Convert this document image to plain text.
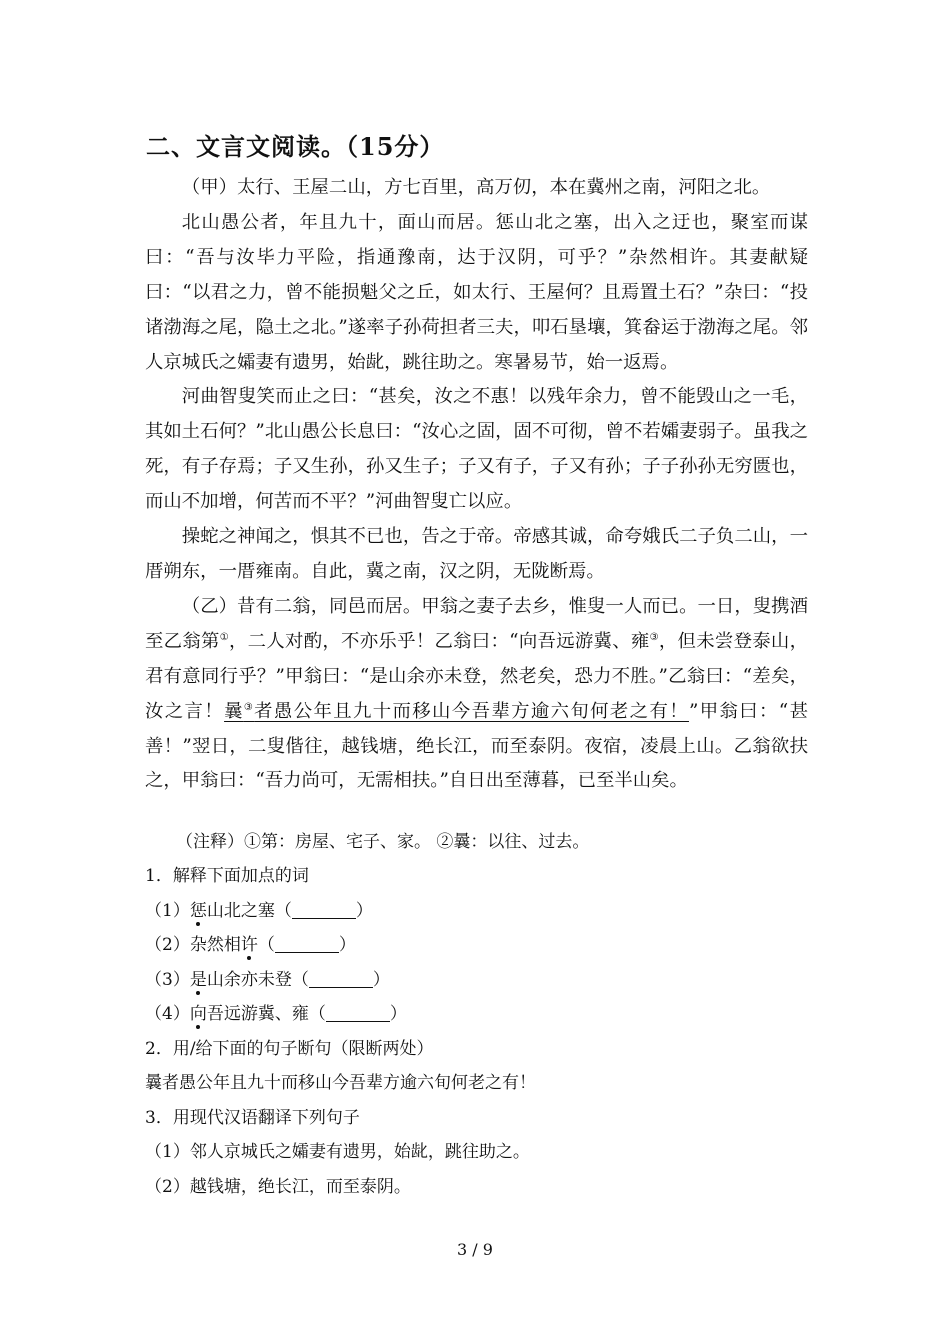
二、文言文阅读。（15分）

（甲）太行、王屋二山，方七百里，高万仞，本在冀州之南，河阳之北。

北山愚公者，年且九十，面山而居。惩山北之塞，出入之迂也，聚室而谋曰：“吾与汝毕力平险，指通豫南，达于汉阴，可乎？”杂然相许。其妻献疑曰：“以君之力，曾不能损魁父之丘，如太行、王屋何？且焉置土石？”杂曰：“投诸渤海之尾，隐土之北。”遂率子孙荷担者三夫，叩石垦壤，箕畚运于渤海之尾。邻人京城氏之孀妻有遗男，始龀，跳往助之。寒暑易节，始一返焉。

河曲智叟笑而止之曰：“甚矣，汝之不惠！以残年余力，曾不能毁山之一毛，其如土石何？”北山愚公长息曰：“汝心之固，固不可彻，曾不若孀妻弱子。虽我之死，有子存焉；子又生孙，孙又生子；子又有子，子又有孙；子子孙孙无穷匮也，而山不加增，何苦而不平？”河曲智叟亡以应。

操蛇之神闻之，惧其不已也，告之于帝。帝感其诚，命夸娥氏二子负二山，一厝朔东，一厝雍南。自此，冀之南，汉之阴，无陇断焉。

（乙）昔有二翁，同邑而居。甲翁之妻子去乡，惟叟一人而已。一日，叟携酒至乙翁第①，二人对酌，不亦乐乎！乙翁曰：“向吾远游冀、雍③，但未尝登泰山，君有意同行乎？”甲翁曰：“是山余亦未登，然老矣，恐力不胜。”乙翁曰：“差矣，汝之言！曩③者愚公年且九十而移山今吾辈方逾六旬何老之有！”甲翁曰：“甚善！”翌日，二叟偕往，越钱塘，绝长江，而至泰阴。夜宿，凌晨上山。乙翁欲扶之，甲翁曰：“吾力尚可，无需相扶。”自日出至薄暮，已至半山矣。

（注释）①第：房屋、宅子、家。 ②曩：以往、过去。
1．解释下面加点的词
（1）惩山北之塞（	）
（2）杂然相许（	）
（3）是山余亦未登（	）
（4）向吾远游冀、雍（	）
2．用/给下面的句子断句（限断两处）
曩者愚公年且九十而移山今吾辈方逾六旬何老之有！
3．用现代汉语翻译下列句子
（1）邻人京城氏之孀妻有遗男，始龀，跳往助之。
（2）越钱塘，绝长江，而至泰阴。
3 / 9
